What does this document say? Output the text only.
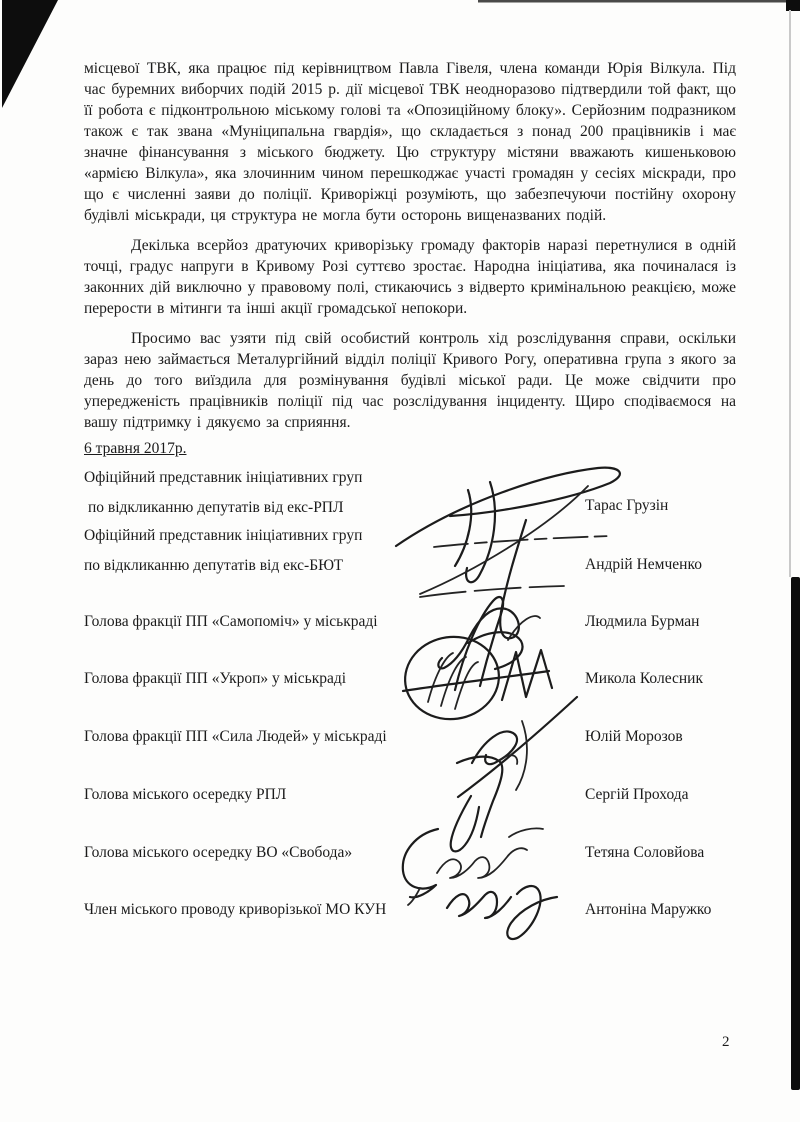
місцевої ТВК, яка працює під керівництвом Павла Гівеля, члена команди Юрія Вілкула. Під час буремних виборчих подій 2015 р. дії місцевої ТВК неодноразово підтвердили той факт, що її робота є підконтрольною міському голові та «Опозиційному блоку». Серйозним подразником також є так звана «Муніципальна гвардія», що складається з понад 200 працівників і має значне фінансування з міського бюджету. Цю структуру містяни вважають кишеньковою «армією Вілкула», яка злочинним чином перешкоджає участі громадян у сесіях міскради, про що є численні заяви до поліції. Криворіжці розуміють, що забезпечуючи постійну охорону будівлі міськради, ця структура не могла бути осторонь вищеназваних подій.

Декілька всерйоз дратуючих криворізьку громаду факторів наразі перетнулися в одній точці, градус напруги в Кривому Розі суттєво зростає. Народна ініціатива, яка починалася із законних дій виключно у правовому полі, стикаючись з відверто кримінальною реакцією, може перерости в мітинги та інші акції громадської непокори.

Просимо вас узяти під свій особистий контроль хід розслідування справи, оскільки зараз нею займається Металургійний відділ поліції Кривого Рогу, оперативна група з якого за день до того виїздила для розмінування будівлі міської ради. Це може свідчити про упередженість працівників поліції під час розслідування інциденту. Щиро сподіваємося на вашу підтримку і дякуємо за сприяння.

6 травня 2017р.
Офіційний представник ініціативних груп
по відкликанню депутатів від екс-РПЛ	Тарас Грузін
Офіційний представник ініціативних груп
по відкликанню депутатів від екс-БЮТ	Андрій Немченко
Голова фракції ПП «Самопоміч» у міськраді	Людмила Бурман
Голова фракції ПП «Укроп» у міськраді	Микола Колесник
Голова фракції ПП «Сила Людей» у міськраді	Юлій Морозов
Голова міського осередку РПЛ	Сергій Прохода
Голова міського осередку ВО «Свобода»	Тетяна Соловйова
Член міського проводу криворізької МО КУН	Антоніна Маружко
2
